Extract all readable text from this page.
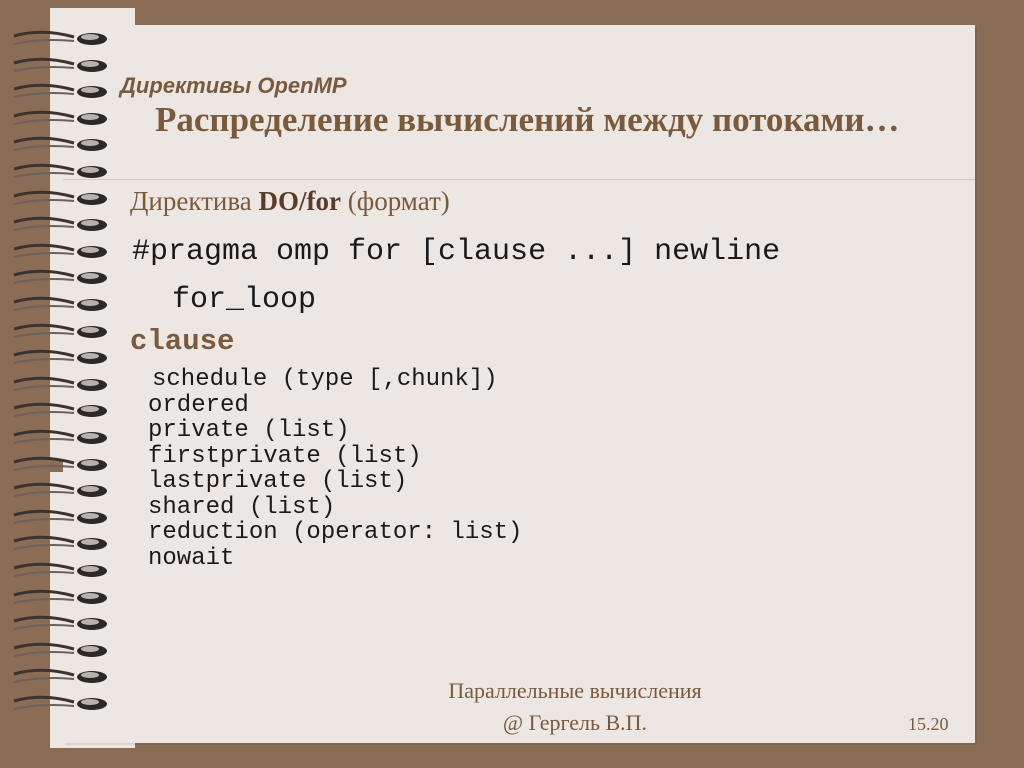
Директивы OpenMP
Распределение вычислений между потоками…
Директива DO/for (формат)
#pragma omp for [clause ...] newline
for_loop
clause
schedule (type [,chunk])
ordered
private (list)
firstprivate (list)
lastprivate (list)
shared (list)
reduction (operator: list)
nowait
Параллельные вычисления
@ Гергель В.П.	15.20
